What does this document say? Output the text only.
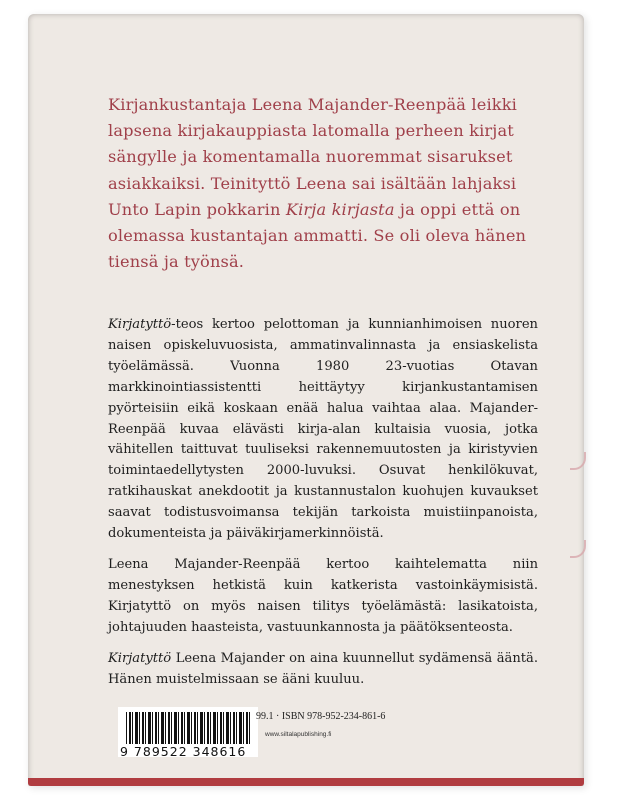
Kirjankustantaja Leena Majander-Reenpää leikki
lapsena kirjakauppiasta latomalla perheen kirjat
sängylle ja komentamalla nuoremmat sisarukset
asiakkaiksi. Teinityttö Leena sai isältään lahjaksi
Unto Lapin pokkarin Kirja kirjasta ja oppi että on
olemassa kustantajan ammatti. Se oli oleva hänen
tiensä ja työnsä.

Kirjatyttö-teos kertoo pelottoman ja kunnianhimoisen nuoren naisen opiskeluvuosista, ammatinvalinnasta ja ensiaskelista työelämässä. Vuonna 1980 23-vuotias Otavan markkinointiassistentti heittäytyy kirjankustantamisen pyörteisiin eikä koskaan enää halua vaihtaa alaa. Majander-Reenpää kuvaa elävästi kirja-alan kultaisia vuosia, jotka vähitellen taittuvat tuuliseksi rakennemuutosten ja kiristyvien toimintaedellytysten 2000-luvuksi. Osuvat henkilökuvat, ratkihauskat anekdootit ja kustannustalon kuohujen kuvaukset saavat todistusvoimansa tekijän tarkoista muistiinpanoista, dokumenteista ja päiväkirjamerkinnöistä.

Leena Majander-Reenpää kertoo kaihtelematta niin menestyksen hetkistä kuin katkerista vastoinkäymisistä. Kirjatyttö on myös naisen tilitys työelämästä: lasikatoista, johtajuuden haasteista, vastuunkannosta ja päätöksenteosta.

Kirjatyttö Leena Majander on aina kuunnellut sydämensä ääntä. Hänen muistelmissaan se ääni kuuluu.

9 789522 348616
99.1 · ISBN 978-952-234-861-6
www.siltalapublishing.fi
